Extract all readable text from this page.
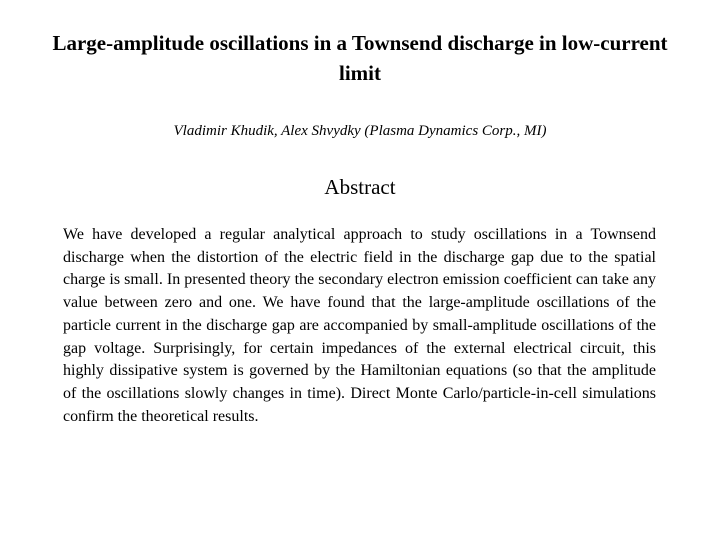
Large-amplitude oscillations in a Townsend discharge in low-current limit
Vladimir Khudik, Alex Shvydky (Plasma Dynamics Corp., MI)
Abstract
We have developed a regular analytical approach to study oscillations in a Townsend discharge when the distortion of the electric field in the discharge gap due to the spatial charge is small. In presented theory the secondary electron emission coefficient can take any value between zero and one. We have found that the large-amplitude oscillations of the particle current in the discharge gap are accompanied by small-amplitude oscillations of the gap voltage. Surprisingly, for certain impedances of the external electrical circuit, this highly dissipative system is governed by the Hamiltonian equations (so that the amplitude of the oscillations slowly changes in time). Direct Monte Carlo/particle-in-cell simulations confirm the theoretical results.
